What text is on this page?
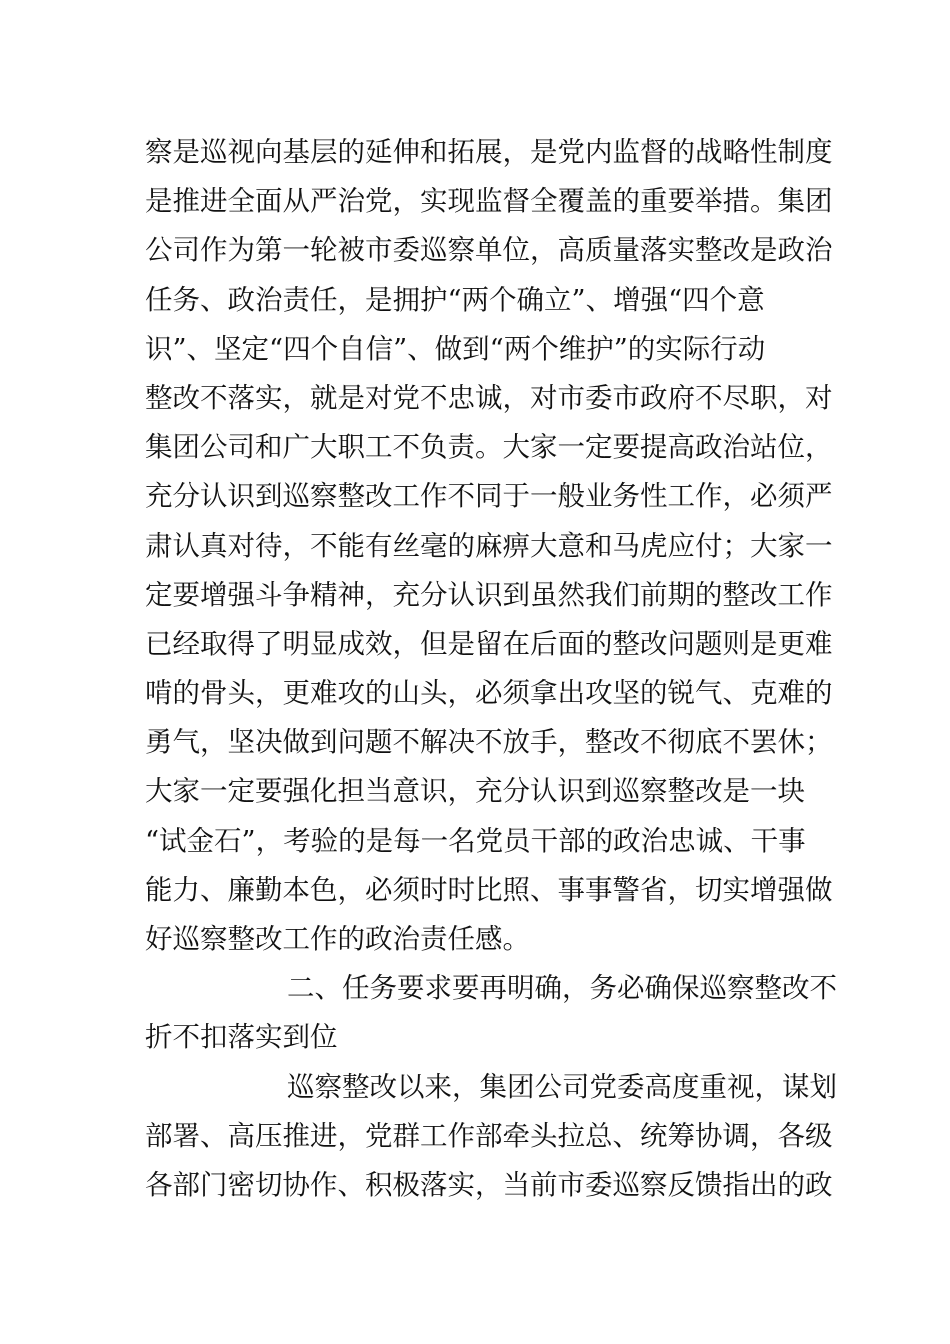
察是巡视向基层的延伸和拓展，是党内监督的战略性制度
是推进全面从严治党，实现监督全覆盖的重要举措。集团
公司作为第一轮被市委巡察单位，高质量落实整改是政治
任务、政治责任，是拥护“两个确立”、增强“四个意
识”、坚定“四个自信”、做到“两个维护”的实际行动
整改不落实，就是对党不忠诚，对市委市政府不尽职，对
集团公司和广大职工不负责。大家一定要提高政治站位，
充分认识到巡察整改工作不同于一般业务性工作，必须严
肃认真对待，不能有丝毫的麻痹大意和马虎应付；大家一
定要增强斗争精神，充分认识到虽然我们前期的整改工作
已经取得了明显成效，但是留在后面的整改问题则是更难
啃的骨头，更难攻的山头，必须拿出攻坚的锐气、克难的
勇气，坚决做到问题不解决不放手，整改不彻底不罢休；
大家一定要强化担当意识，充分认识到巡察整改是一块
“试金石”，考验的是每一名党员干部的政治忠诚、干事
能力、廉勤本色，必须时时比照、事事警省，切实增强做
好巡察整改工作的政治责任感。
二、任务要求要再明确，务必确保巡察整改不
折不扣落实到位
巡察整改以来，集团公司党委高度重视，谋划
部署、高压推进，党群工作部牵头拉总、统筹协调，各级
各部门密切协作、积极落实，当前市委巡察反馈指出的政
